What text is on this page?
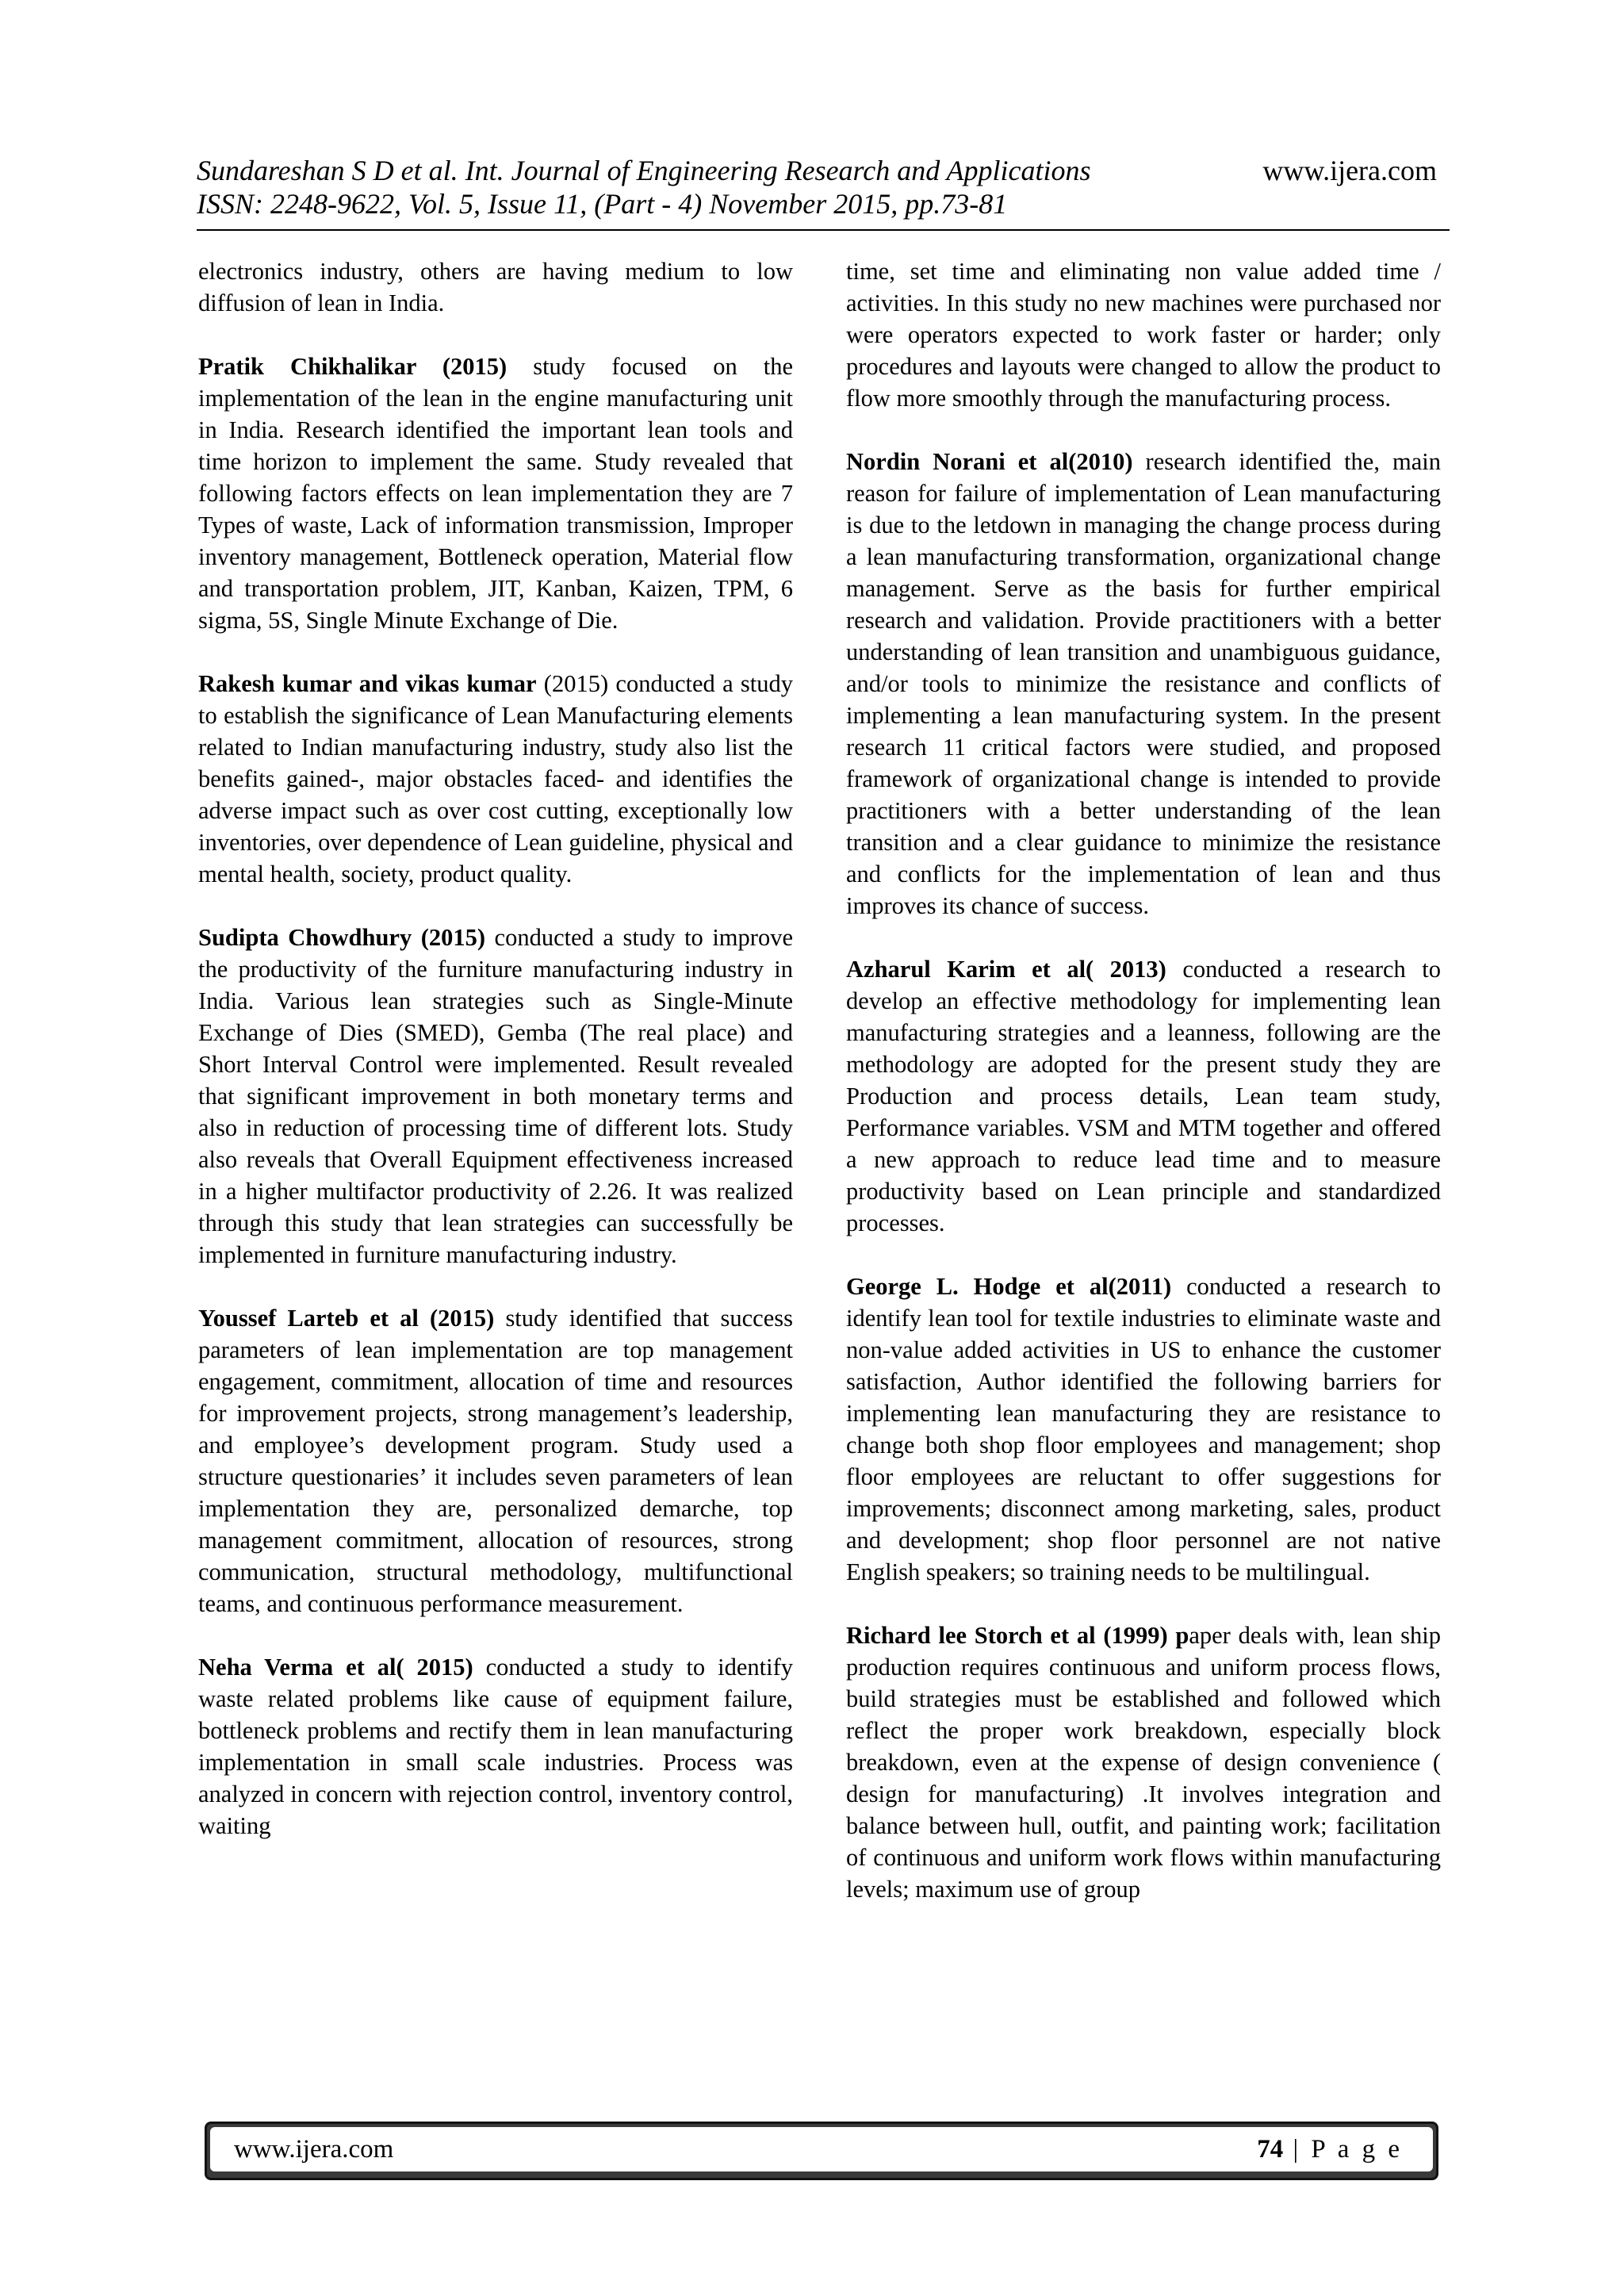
Sundareshan S D et al. Int. Journal of Engineering Research and Applications
ISSN: 2248-9622, Vol. 5, Issue 11, (Part - 4) November 2015, pp.73-81
www.ijera.com

electronics industry, others are having medium to low diffusion of lean in India.

Pratik Chikhalikar (2015) study focused on the implementation of the lean in the engine manufacturing unit in India. Research identified the important lean tools and time horizon to implement the same. Study revealed that following factors effects on lean implementation they are 7 Types of waste, Lack of information transmission, Improper inventory management, Bottleneck operation, Material flow and transportation problem, JIT, Kanban, Kaizen, TPM, 6 sigma, 5S, Single Minute Exchange of Die.

Rakesh kumar and vikas kumar (2015) conducted a study to establish the significance of Lean Manufacturing elements related to Indian manufacturing industry, study also list the benefits gained-, major obstacles faced- and identifies the adverse impact such as over cost cutting, exceptionally low inventories, over dependence of Lean guideline, physical and mental health, society, product quality.

Sudipta Chowdhury (2015) conducted a study to improve the productivity of the furniture manufacturing industry in India. Various lean strategies such as Single-Minute Exchange of Dies (SMED), Gemba (The real place) and Short Interval Control were implemented. Result revealed that significant improvement in both monetary terms and also in reduction of processing time of different lots. Study also reveals that Overall Equipment effectiveness increased in a higher multifactor productivity of 2.26. It was realized through this study that lean strategies can successfully be implemented in furniture manufacturing industry.

Youssef Larteb et al (2015) study identified that success parameters of lean implementation are top management engagement, commitment, allocation of time and resources for improvement projects, strong management’s leadership, and employee’s development program. Study used a structure questionaries’ it includes seven parameters of lean implementation they are, personalized demarche, top management commitment, allocation of resources, strong communication, structural methodology, multifunctional teams, and continuous performance measurement.

Neha Verma et al( 2015) conducted a study to identify waste related problems like cause of equipment failure, bottleneck problems and rectify them in lean manufacturing implementation in small scale industries. Process was analyzed in concern with rejection control, inventory control, waiting

time, set time and eliminating non value added time / activities. In this study no new machines were purchased nor were operators expected to work faster or harder; only procedures and layouts were changed to allow the product to flow more smoothly through the manufacturing process.

Nordin Norani et al(2010) research identified the, main reason for failure of implementation of Lean manufacturing is due to the letdown in managing the change process during a lean manufacturing transformation, organizational change management. Serve as the basis for further empirical research and validation. Provide practitioners with a better understanding of lean transition and unambiguous guidance, and/or tools to minimize the resistance and conflicts of implementing a lean manufacturing system. In the present research 11 critical factors were studied, and proposed framework of organizational change is intended to provide practitioners with a better understanding of the lean transition and a clear guidance to minimize the resistance and conflicts for the implementation of lean and thus improves its chance of success.

Azharul Karim et al( 2013) conducted a research to develop an effective methodology for implementing lean manufacturing strategies and a leanness, following are the methodology are adopted for the present study they are Production and process details, Lean team study, Performance variables. VSM and MTM together and offered a new approach to reduce lead time and to measure productivity based on Lean principle and standardized processes.

George L. Hodge et al(2011) conducted a research to identify lean tool for textile industries to eliminate waste and non-value added activities in US to enhance the customer satisfaction, Author identified the following barriers for implementing lean manufacturing they are resistance to change both shop floor employees and management; shop floor employees are reluctant to offer suggestions for improvements; disconnect among marketing, sales, product and development; shop floor personnel are not native English speakers; so training needs to be multilingual.

Richard lee Storch et al (1999) paper deals with, lean ship production requires continuous and uniform process flows, build strategies must be established and followed which reflect the proper work breakdown, especially block breakdown, even at the expense of design convenience ( design for manufacturing) .It involves integration and balance between hull, outfit, and painting work; facilitation of continuous and uniform work flows within manufacturing levels; maximum use of group

www.ijera.com	74 | P a g e
